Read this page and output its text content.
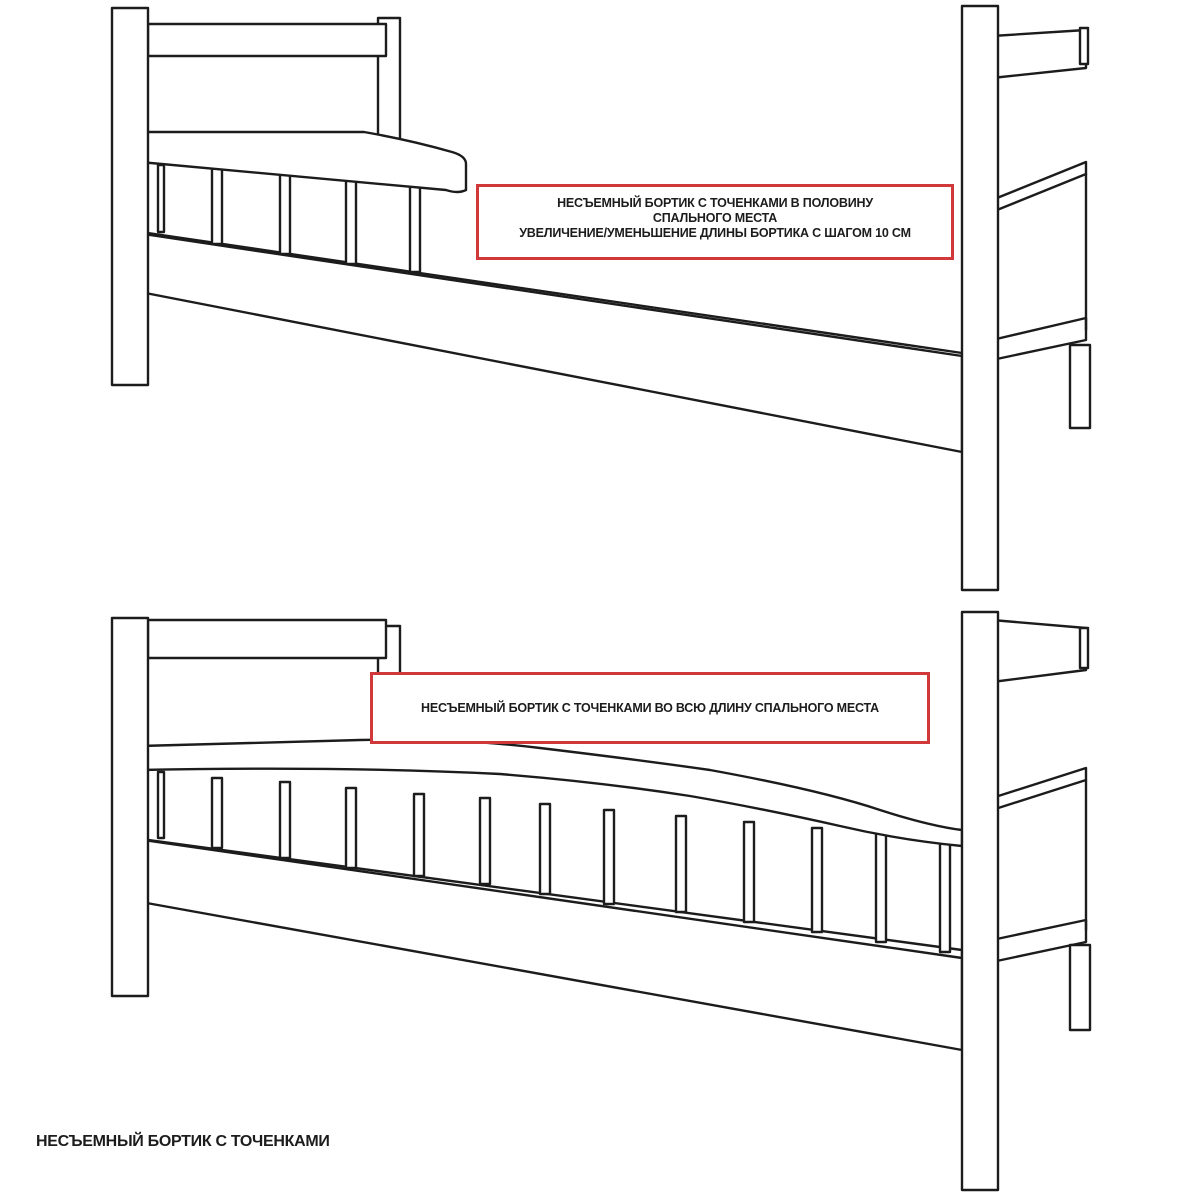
НЕСЪЕМНЫЙ БОРТИК С ТОЧЕНКАМИ В ПОЛОВИНУ
СПАЛЬНОГО МЕСТА
УВЕЛИЧЕНИЕ/УМЕНЬШЕНИЕ ДЛИНЫ БОРТИКА С ШАГОМ 10 СМ
НЕСЪЕМНЫЙ БОРТИК С ТОЧЕНКАМИ ВО ВСЮ ДЛИНУ СПАЛЬНОГО МЕСТА
НЕСЪЕМНЫЙ БОРТИК С ТОЧЕНКАМИ
